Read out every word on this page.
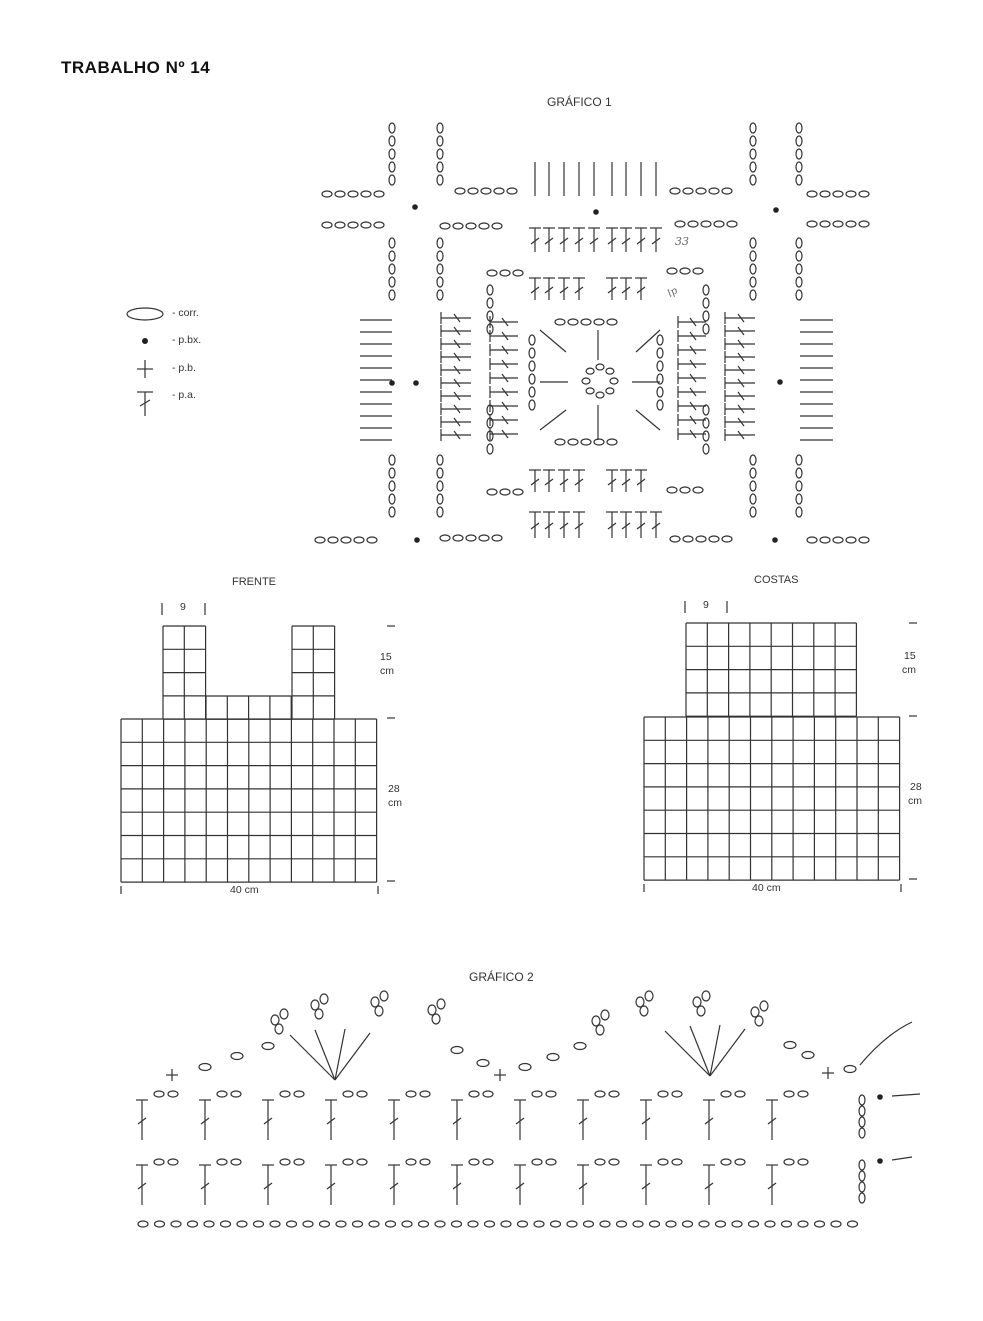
TRABALHO Nº 14
GRÁFICO 1
- corr.
- p.bx.
- p.b.
- p.a.
FRENTE
9
15
cm
28
cm
40 cm
COSTAS
9
15
cm
28
cm
40 cm
GRÁFICO 2
33
lp
